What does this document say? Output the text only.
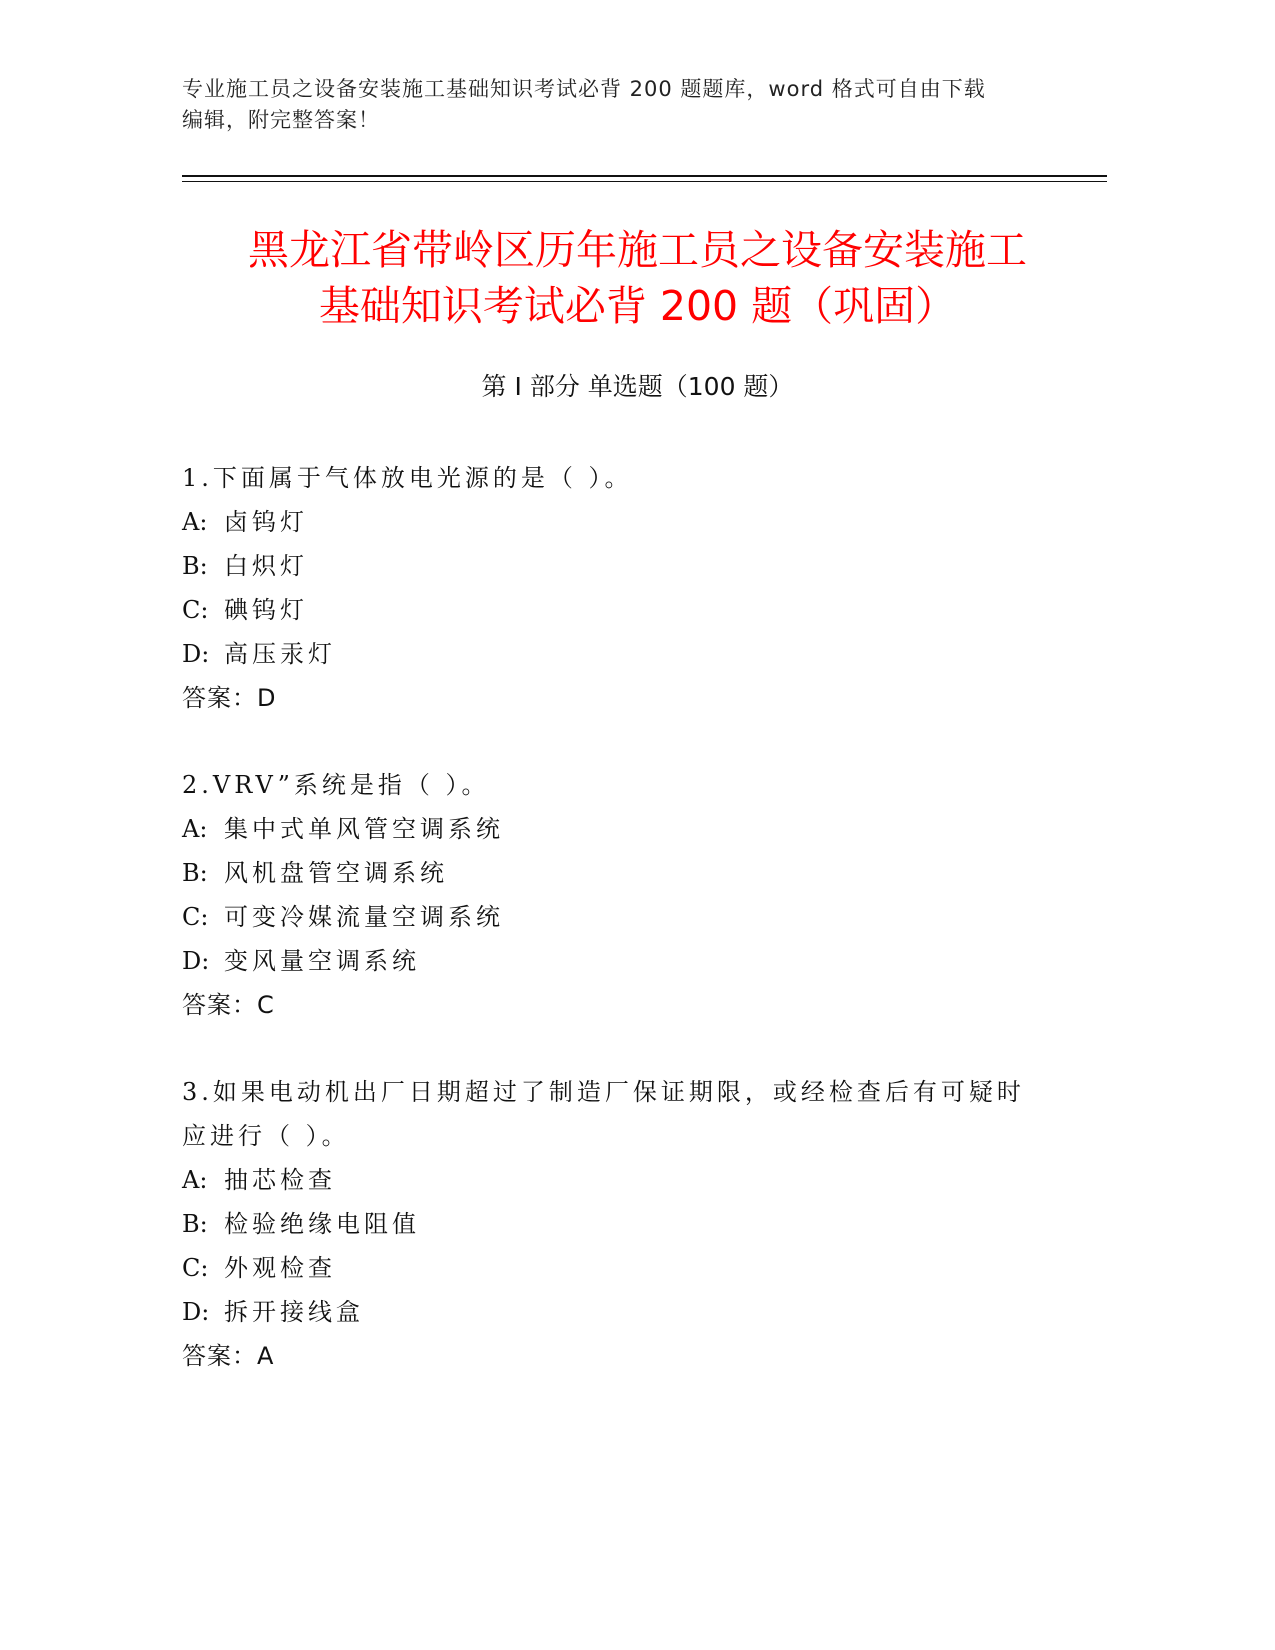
专业施工员之设备安装施工基础知识考试必背 200 题题库，word 格式可自由下载
编辑，附完整答案！
黑龙江省带岭区历年施工员之设备安装施工
基础知识考试必背 200 题（巩固）
第 I 部分 单选题（100 题）
1.下面属于气体放电光源的是（ ）。
A: 卤钨灯
B: 白炽灯
C: 碘钨灯
D: 高压汞灯
答案：D
2.VRV”系统是指（ ）。
A: 集中式单风管空调系统
B: 风机盘管空调系统
C: 可变冷媒流量空调系统
D: 变风量空调系统
答案：C
3.如果电动机出厂日期超过了制造厂保证期限，或经检查后有可疑时
应进行（ ）。
A: 抽芯检查
B: 检验绝缘电阻值
C: 外观检查
D: 拆开接线盒
答案：A
